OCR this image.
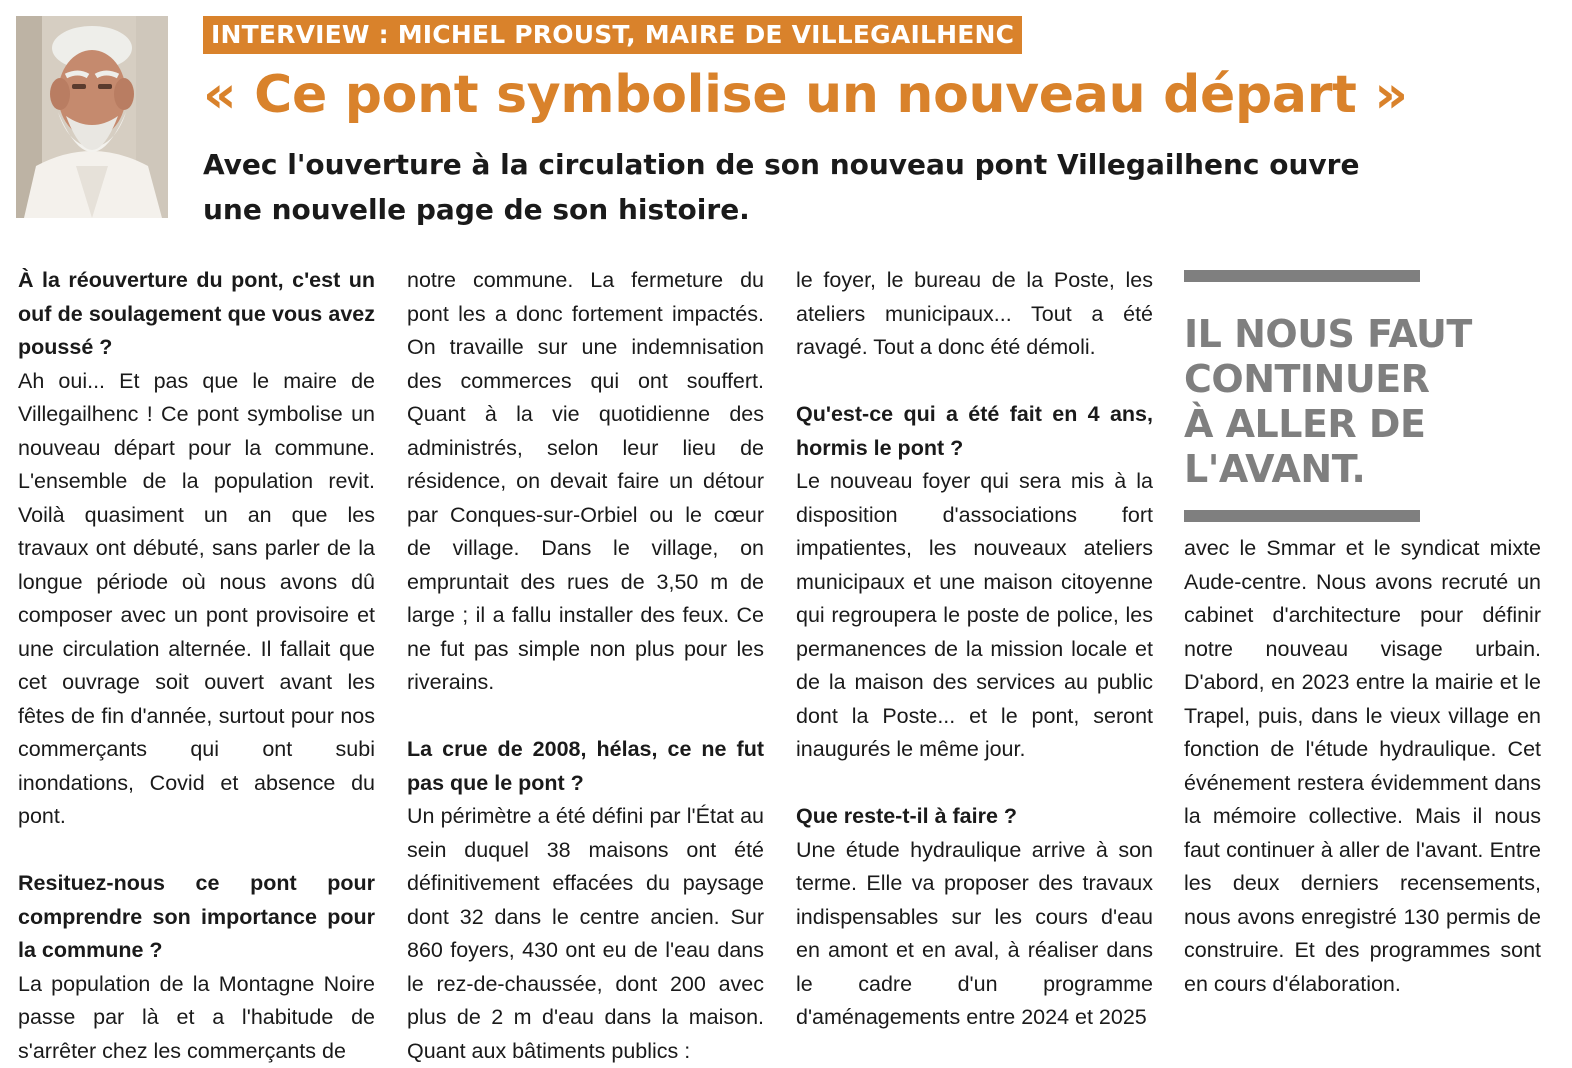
INTERVIEW : MICHEL PROUST, MAIRE DE VILLEGAILHENC
« Ce pont symbolise un nouveau départ »

Avec l'ouverture à la circulation de son nouveau pont Villegailhenc ouvre une nouvelle page de son histoire.

À la réouverture du pont, c'est un ouf de soulagement que vous avez poussé ?

Ah oui... Et pas que le maire de Villegailhenc ! Ce pont symbolise un nouveau départ pour la commune. L'ensemble de la population revit. Voilà quasiment un an que les travaux ont débuté, sans parler de la longue période où nous avons dû composer avec un pont provisoire et une circulation alternée. Il fallait que cet ouvrage soit ouvert avant les fêtes de fin d'année, surtout pour nos commerçants qui ont subi inondations, Covid et absence du pont.

Resituez-nous ce pont pour comprendre son importance pour la commune ?

La population de la Montagne Noire passe par là et a l'habitude de s'arrêter chez les commerçants de

notre commune. La fermeture du pont les a donc fortement impactés. On travaille sur une indemnisation des commerces qui ont souffert. Quant à la vie quotidienne des administrés, selon leur lieu de résidence, on devait faire un détour par Conques-sur-Orbiel ou le cœur de village. Dans le village, on empruntait des rues de 3,50 m de large ; il a fallu installer des feux. Ce ne fut pas simple non plus pour les riverains.

La crue de 2008, hélas, ce ne fut pas que le pont ?

Un périmètre a été défini par l'État au sein duquel 38 maisons ont été définitivement effacées du paysage dont 32 dans le centre ancien. Sur 860 foyers, 430 ont eu de l'eau dans le rez-de-chaussée, dont 200 avec plus de 2 m d'eau dans la maison. Quant aux bâtiments publics :

le foyer, le bureau de la Poste, les ateliers municipaux... Tout a été ravagé. Tout a donc été démoli.

Qu'est-ce qui a été fait en 4 ans, hormis le pont ?

Le nouveau foyer qui sera mis à la disposition d'associations fort impatientes, les nouveaux ateliers municipaux et une maison citoyenne qui regroupera le poste de police, les permanences de la mission locale et de la maison des services au public dont la Poste... et le pont, seront inaugurés le même jour.

Que reste-t-il à faire ?

Une étude hydraulique arrive à son terme. Elle va proposer des travaux indispensables sur les cours d'eau en amont et en aval, à réaliser dans le cadre d'un programme d'aménagements entre 2024 et 2025

IL NOUS FAUT
CONTINUER
À ALLER DE
L'AVANT.

avec le Smmar et le syndicat mixte Aude-centre. Nous avons recruté un cabinet d'architecture pour définir notre nouveau visage urbain. D'abord, en 2023 entre la mairie et le Trapel, puis, dans le vieux village en fonction de l'étude hydraulique. Cet événement restera évidemment dans la mémoire collective. Mais il nous faut continuer à aller de l'avant. Entre les deux derniers recensements, nous avons enregistré 130 permis de construire. Et des programmes sont en cours d'élaboration.
